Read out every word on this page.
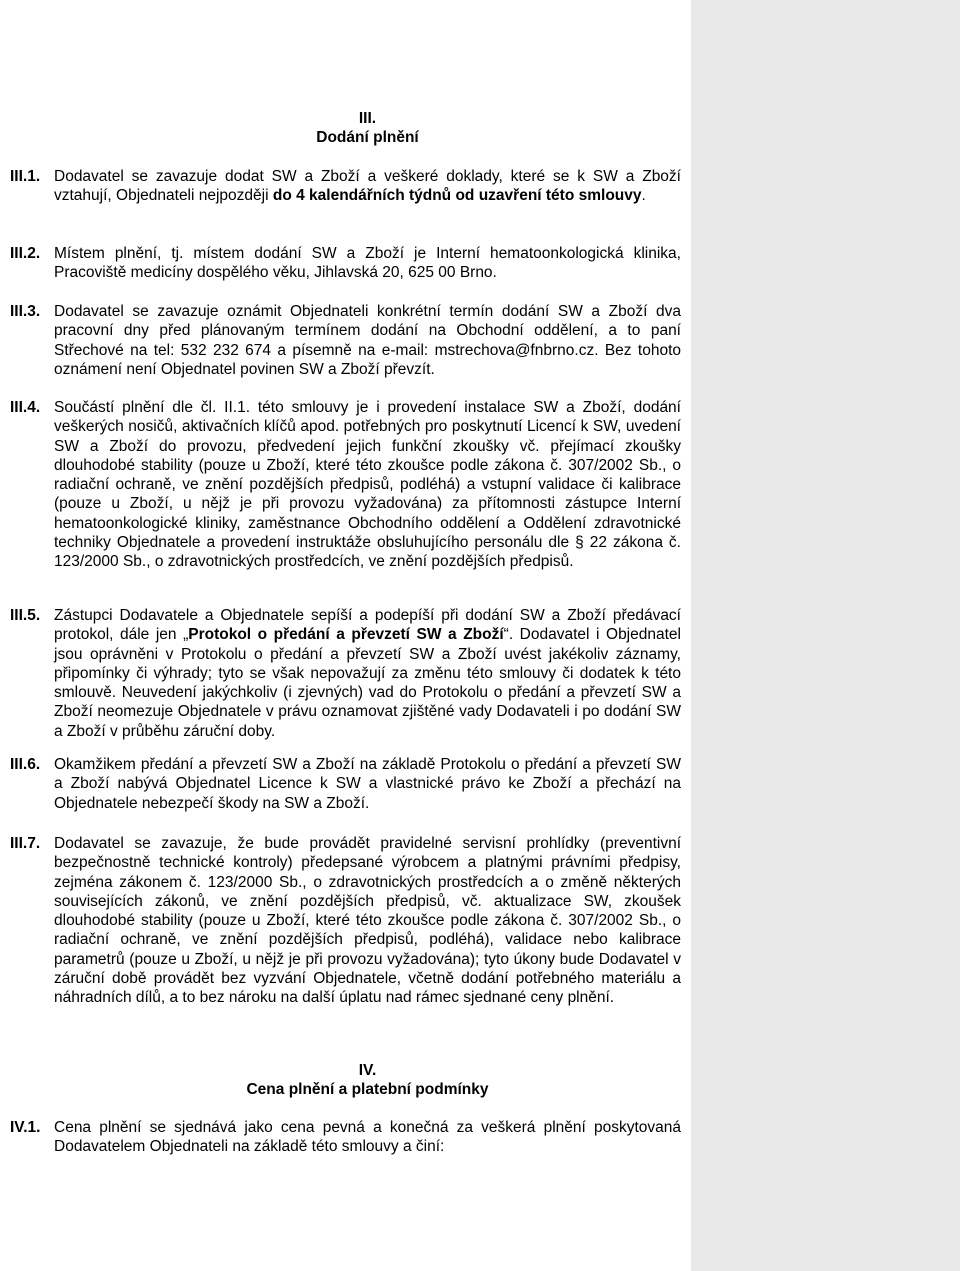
III.
Dodání plnění
III.1. Dodavatel se zavazuje dodat SW a Zboží a veškeré doklady, které se k SW a Zboží vztahují, Objednateli nejpozději do 4 kalendářních týdnů od uzavření této smlouvy.
III.2. Místem plnění, tj. místem dodání SW a Zboží je Interní hematoonkologická klinika, Pracoviště medicíny dospělého věku, Jihlavská 20, 625 00 Brno.
III.3. Dodavatel se zavazuje oznámit Objednateli konkrétní termín dodání SW a Zboží dva pracovní dny před plánovaným termínem dodání na Obchodní oddělení, a to paní Střechové na tel: 532 232 674 a písemně na e-mail: mstrechova@fnbrno.cz. Bez tohoto oznámení není Objednatel povinen SW a Zboží převzít.
III.4. Součástí plnění dle čl. II.1. této smlouvy je i provedení instalace SW a Zboží, dodání veškerých nosičů, aktivačních klíčů apod. potřebných pro poskytnutí Licencí k SW, uvedení SW a Zboží do provozu, předvedení jejich funkční zkoušky vč. přejímací zkoušky dlouhodobé stability (pouze u Zboží, které této zkoušce podle zákona č. 307/2002 Sb., o radiační ochraně, ve znění pozdějších předpisů, podléhá) a vstupní validace či kalibrace (pouze u Zboží, u nějž je při provozu vyžadována) za přítomnosti zástupce Interní hematoonkologické kliniky, zaměstnance Obchodního oddělení a Oddělení zdravotnické techniky Objednatele a provedení instruktáže obsluhujícího personálu dle § 22 zákona č. 123/2000 Sb., o zdravotnických prostředcích, ve znění pozdějších předpisů.
III.5. Zástupci Dodavatele a Objednatele sepíší a podepíší při dodání SW a Zboží předávací protokol, dále jen „Protokol o předání a převzetí SW a Zboží“. Dodavatel i Objednatel jsou oprávněni v Protokolu o předání a převzetí SW a Zboží uvést jakékoliv záznamy, připomínky či výhrady; tyto se však nepovažují za změnu této smlouvy či dodatek k této smlouvě. Neuvedení jakýchkoliv (i zjevných) vad do Protokolu o předání a převzetí SW a Zboží neomezuje Objednatele v právu oznamovat zjištěné vady Dodavateli i po dodání SW a Zboží v průběhu záruční doby.
III.6. Okamžikem předání a převzetí SW a Zboží na základě Protokolu o předání a převzetí SW a Zboží nabývá Objednatel Licence k SW a vlastnické právo ke Zboží a přechází na Objednatele nebezpečí škody na SW a Zboží.
III.7. Dodavatel se zavazuje, že bude provádět pravidelné servisní prohlídky (preventivní bezpečnostně technické kontroly) předepsané výrobcem a platnými právními předpisy, zejména zákonem č. 123/2000 Sb., o zdravotnických prostředcích a o změně některých souvisejících zákonů, ve znění pozdějších předpisů, vč. aktualizace SW, zkoušek dlouhodobé stability (pouze u Zboží, které této zkoušce podle zákona č. 307/2002 Sb., o radiační ochraně, ve znění pozdějších předpisů, podléhá), validace nebo kalibrace parametrů (pouze u Zboží, u nějž je při provozu vyžadována); tyto úkony bude Dodavatel v záruční době provádět bez vyzvání Objednatele, včetně dodání potřebného materiálu a náhradních dílů, a to bez nároku na další úplatu nad rámec sjednané ceny plnění.
IV.
Cena plnění a platební podmínky
IV.1. Cena plnění se sjednává jako cena pevná a konečná za veškerá plnění poskytovaná Dodavatelem Objednateli na základě této smlouvy a činí:
